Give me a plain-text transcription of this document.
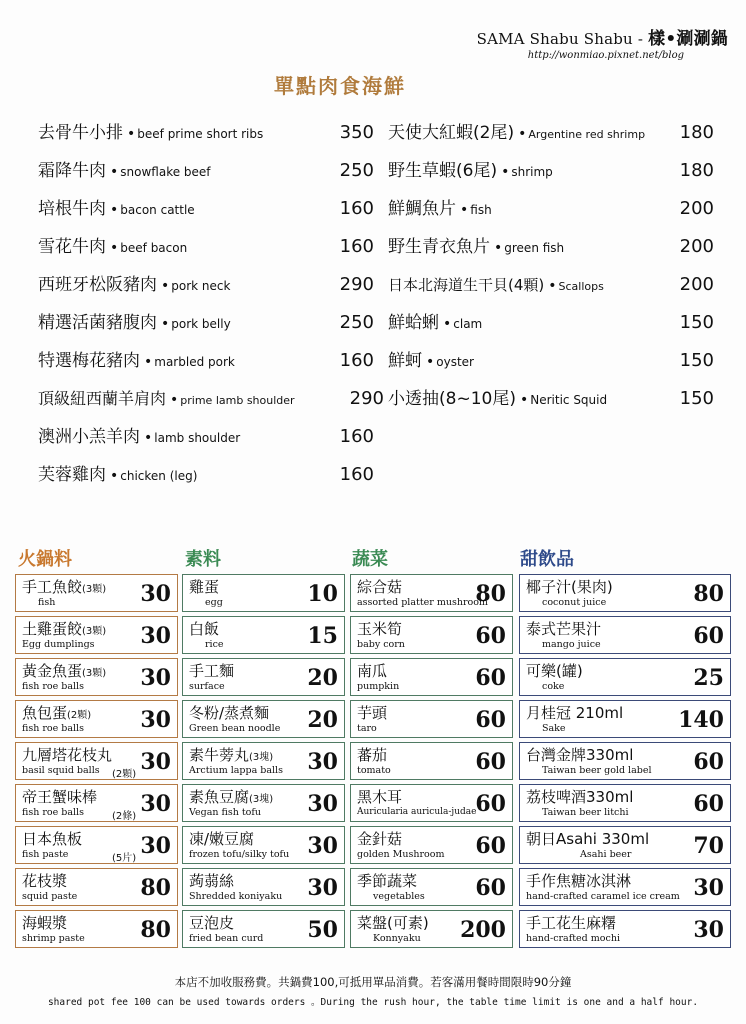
SAMA Shabu Shabu - 樣•涮涮鍋
http://wonmiao.pixnet.net/blog
單點肉食海鮮
去骨牛小排 • beef prime short ribs	350
霜降牛肉 • snowflake beef	250
培根牛肉 • bacon cattle	160
雪花牛肉 • beef bacon	160
西班牙松阪豬肉 • pork neck	290
精選活菌豬腹肉 • pork belly	250
特選梅花豬肉 • marbled pork	160
頂級紐西蘭羊肩肉 • prime lamb shoulder	290
澳洲小羔羊肉 • lamb shoulder	160
芙蓉雞肉 • chicken (leg)	160
天使大紅蝦(2尾) • Argentine red shrimp 180
野生草蝦(6尾) • shrimp	180
鮮鯛魚片 • fish	200
野生青衣魚片 • green fish	200
日本北海道生干貝(4顆) • Scallops	200
鮮蛤蜊 • clam	150
鮮蚵 • oyster	150
小透抽(8~10尾) • Neritic Squid	150
火鍋料	素料	蔬菜	甜飲品
手工魚餃(3顆)
fish	30
土雞蛋餃(3顆)
Egg dumplings 30
黃金魚蛋(3顆)
fish roe balls	30
魚包蛋(2顆)
fish roe balls	30
九層塔花枝丸
basil squid balls (2顆) 30
帝王蟹味棒
fish roe balls	(2條) 30
日本魚板
fish paste	(5片) 30
花枝漿
squid paste	80
海蝦漿
shrimp paste	80
雞蛋
egg	10
白飯
rice	15
手工麵
surface	20
冬粉/蒸煮麵
Green bean noodle 20
素牛蒡丸(3塊)
Arctium lappa balls 30
素魚豆腐(3塊)
Vegan fish tofu 30
凍/嫩豆腐
frozen tofu/silky tofu 30
蒟蒻絲
Shredded koniyaku 30
豆泡皮
fried bean curd 50
綜合菇
assorted platter mushroom
80
玉米筍
baby corn	60
南瓜
pumpkin	60
芋頭
taro	60
蕃茄
tomato	60
黑木耳
Auricularia auricula-judae
60
金針菇
golden Mushroom 60
季節蔬菜
vegetables 60
菜盤(可素)
Konnyaku 200
椰子汁(果肉)
coconut juice	80
泰式芒果汁
mango juice	60
可樂(罐)
coke	25
月桂冠 210ml
Sake	140
台灣金牌330ml
Taiwan beer gold label 60
荔枝啤酒330ml
Taiwan beer litchi	60
朝日Asahi 330ml
Asahi beer	70
手作焦糖冰淇淋
hand-crafted caramel ice cream 30
手工花生麻糬
hand-crafted mochi	30
本店不加收服務費。共鍋費100,可抵用單品消費。若客滿用餐時間限時90分鐘
shared pot fee 100 can be used towards orders 。During the rush hour, the table time limit is one and a half hour.
